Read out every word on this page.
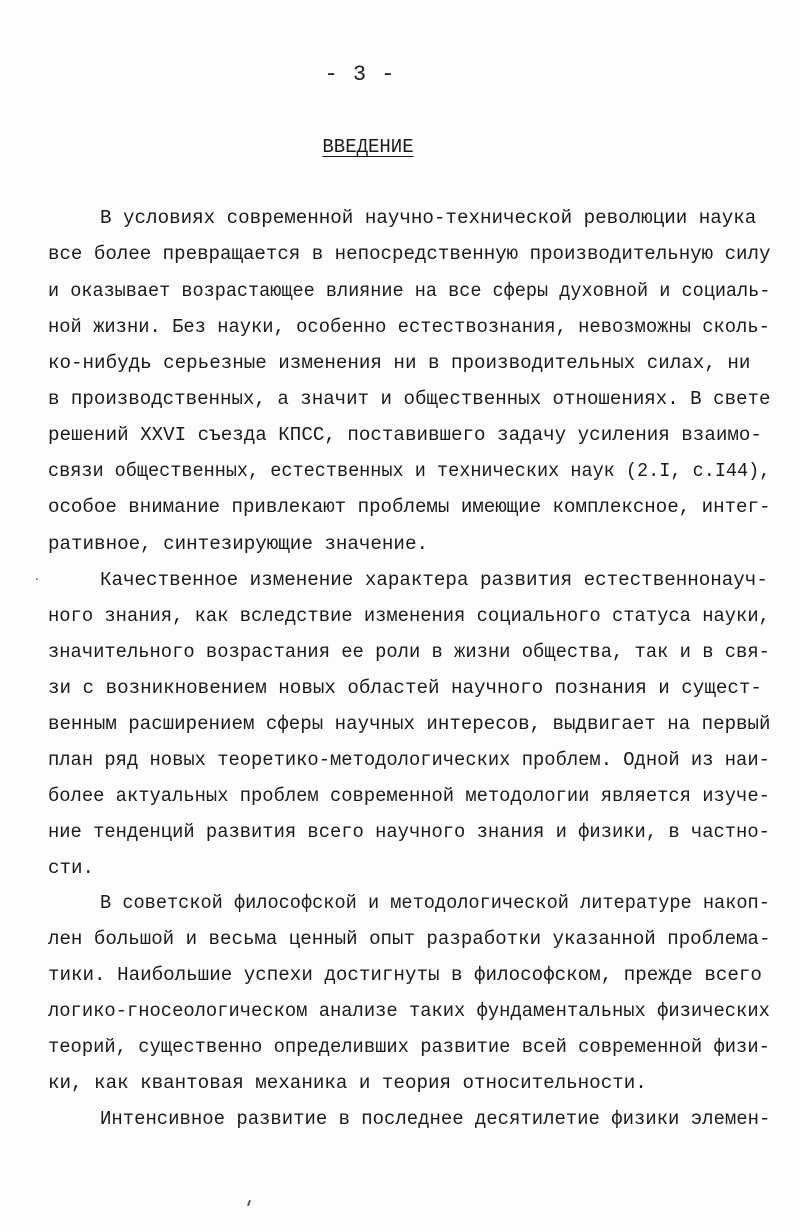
- 3 -
ВВЕДЕНИЕ
В условиях современной научно-технической революции наука
все более превращается в непосредственную производительную силу
и оказывает возрастающее влияние на все сферы духовной и социаль-
ной жизни. Без науки, особенно естествознания, невозможны сколь-
ко-нибудь серьезные изменения ни в производительных силах, ни
в производственных, а значит и общественных отношениях. В свете
решений XXVI съезда КПСС, поставившего задачу усиления взаимо-
связи общественных, естественных и технических наук (2.I, с.I44),
особое внимание привлекают проблемы имеющие комплексное, интег-
ративное, синтезирующие значение.
Качественное изменение характера развития естественнонауч-
ного знания, как вследствие изменения социального статуса науки,
значительного возрастания ее роли в жизни общества, так и в свя-
зи с возникновением новых областей научного познания и сущест-
венным расширением сферы научных интересов, выдвигает на первый
план ряд новых теоретико-методологических проблем. Одной из наи-
более актуальных проблем современной методологии является изуче-
ние тенденций развития всего научного знания и физики, в частно-
сти.
В советской философской и методологической литературе накоп-
лен большой и весьма ценный опыт разработки указанной проблема-
тики. Наибольшие успехи достигнуты в философском, прежде всего
логико-гносеологическом анализе таких фундаментальных физических
теорий, существенно определивших развитие всей современной физи-
ки, как квантовая механика и теория относительности.
Интенсивное развитие в последнее десятилетие физики элемен-
